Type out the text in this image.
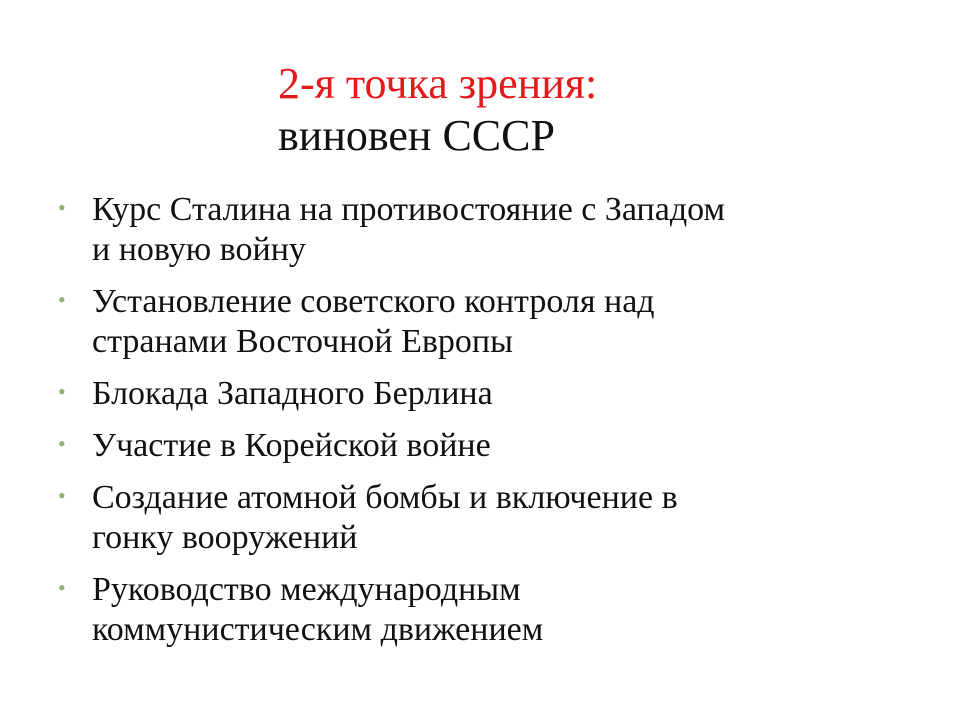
2-я точка зрения:
виновен СССР
• Курс Сталина на противостояние с Западом
и новую войну
• Установление советского контроля над
странами Восточной Европы
• Блокада Западного Берлина
• Участие в Корейской войне
• Создание атомной бомбы и включение в
гонку вооружений
• Руководство международным
коммунистическим движением
